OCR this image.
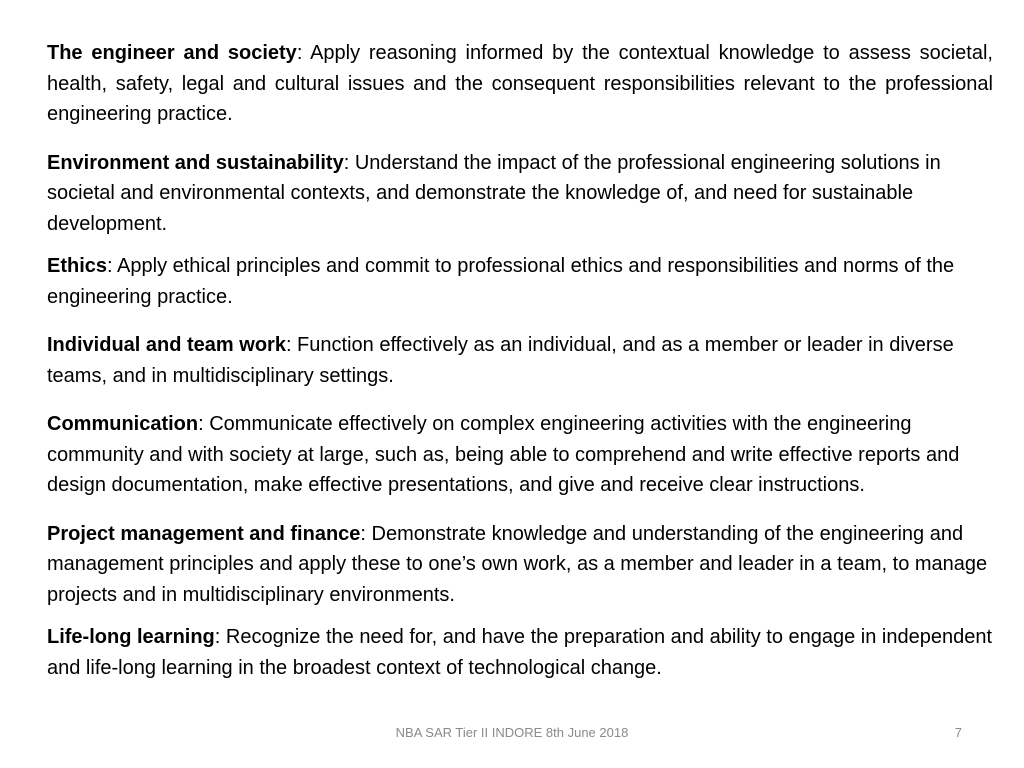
The engineer and society: Apply reasoning informed by the contextual knowledge to assess societal, health, safety, legal and cultural issues and the consequent responsibilities relevant to the professional engineering practice.

Environment and sustainability: Understand the impact of the professional engineering solutions in societal and environmental contexts, and demonstrate the knowledge of, and need for sustainable development.

Ethics: Apply ethical principles and commit to professional ethics and responsibilities and norms of the engineering practice.

Individual and team work: Function effectively as an individual, and as a member or leader in diverse teams, and in multidisciplinary settings.

Communication: Communicate effectively on complex engineering activities with the engineering community and with society at large, such as, being able to comprehend and write effective reports and design documentation, make effective presentations, and give and receive clear instructions.

Project management and finance: Demonstrate knowledge and understanding of the engineering and management principles and apply these to one’s own work, as a member and leader in a team, to manage projects and in multidisciplinary environments.

Life-long learning: Recognize the need for, and have the preparation and ability to engage in independent and life-long learning in the broadest context of technological change.

NBA SAR Tier II INDORE 8th June 2018	7
